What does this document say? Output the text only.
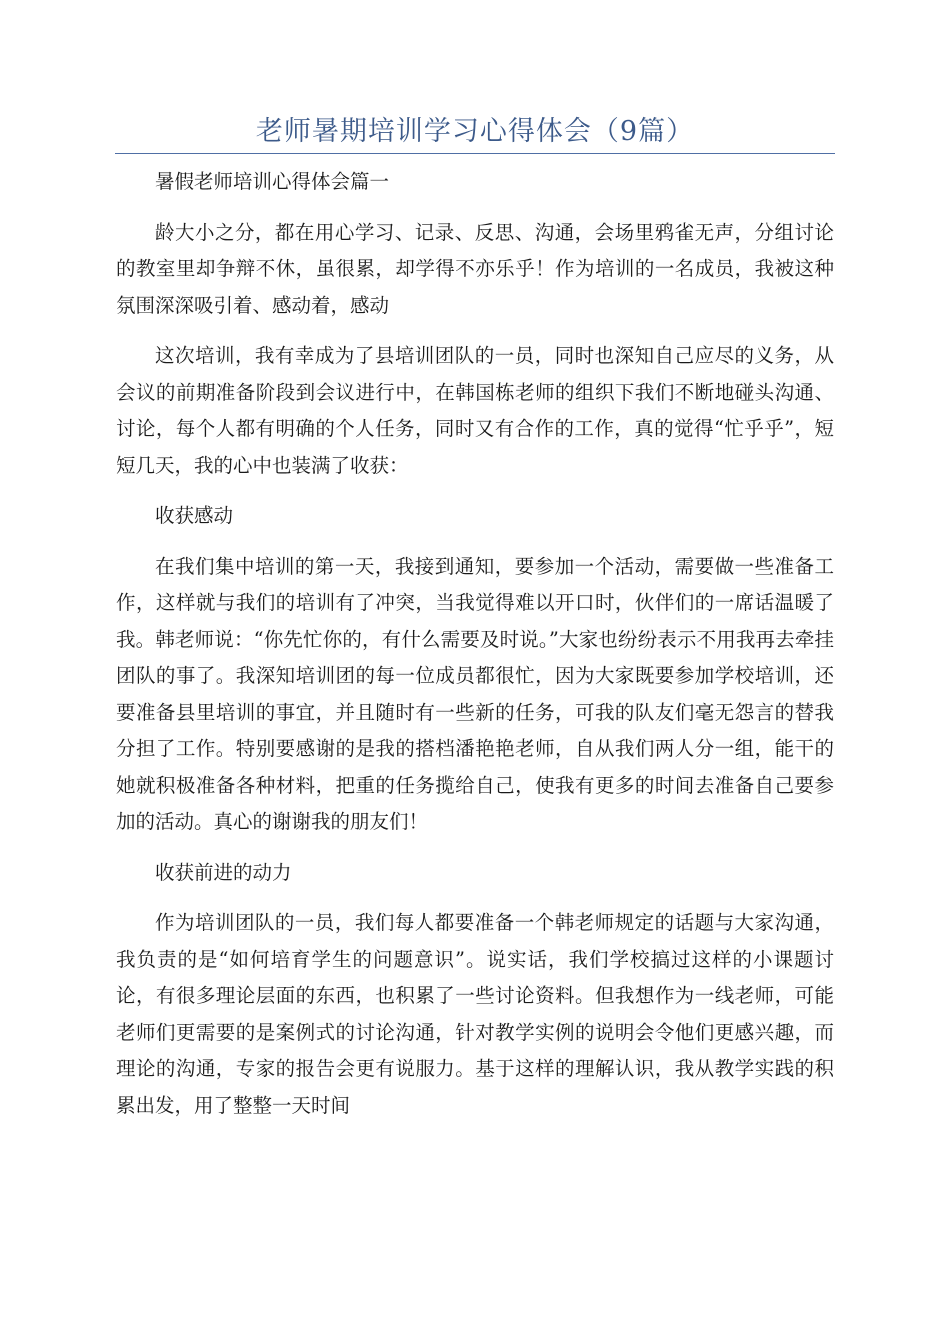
老师暑期培训学习心得体会（9篇）

暑假老师培训心得体会篇一

龄大小之分，都在用心学习、记录、反思、沟通，会场里鸦雀无声，分组讨论的教室里却争辩不休，虽很累，却学得不亦乐乎！作为培训的一名成员，我被这种氛围深深吸引着、感动着，感动

这次培训，我有幸成为了县培训团队的一员，同时也深知自己应尽的义务，从会议的前期准备阶段到会议进行中，在韩国栋老师的组织下我们不断地碰头沟通、讨论，每个人都有明确的个人任务，同时又有合作的工作，真的觉得“忙乎乎”，短短几天，我的心中也装满了收获：

收获感动

在我们集中培训的第一天，我接到通知，要参加一个活动，需要做一些准备工作，这样就与我们的培训有了冲突，当我觉得难以开口时，伙伴们的一席话温暖了我。韩老师说：“你先忙你的，有什么需要及时说。”大家也纷纷表示不用我再去牵挂团队的事了。我深知培训团的每一位成员都很忙，因为大家既要参加学校培训，还要准备县里培训的事宜，并且随时有一些新的任务，可我的队友们毫无怨言的替我分担了工作。特别要感谢的是我的搭档潘艳艳老师，自从我们两人分一组，能干的她就积极准备各种材料，把重的任务揽给自己，使我有更多的时间去准备自己要参加的活动。真心的谢谢我的朋友们！

收获前进的动力

作为培训团队的一员，我们每人都要准备一个韩老师规定的话题与大家沟通，我负责的是“如何培育学生的问题意识”。说实话，我们学校搞过这样的小课题讨论，有很多理论层面的东西，也积累了一些讨论资料。但我想作为一线老师，可能老师们更需要的是案例式的讨论沟通，针对教学实例的说明会令他们更感兴趣，而理论的沟通，专家的报告会更有说服力。基于这样的理解认识，我从教学实践的积累出发，用了整整一天时间
